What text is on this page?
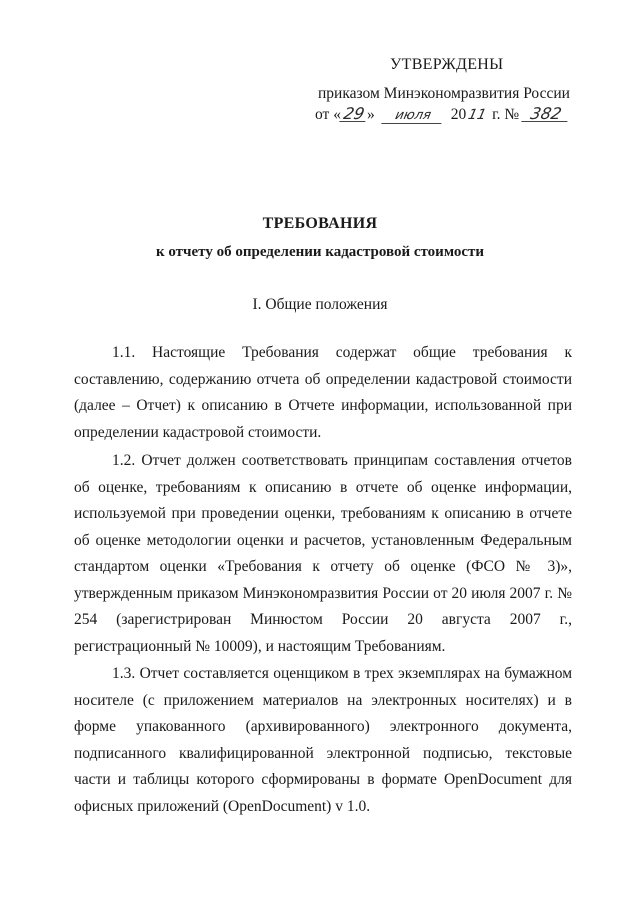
УТВЕРЖДЕНЫ
приказом Минэкономразвития России
от «29» июля 2011 г. № 382
ТРЕБОВАНИЯ
к отчету об определении кадастровой стоимости
I. Общие положения

1.1. Настоящие Требования содержат общие требования к составлению, содержанию отчета об определении кадастровой стоимости (далее – Отчет) к описанию в Отчете информации, использованной при определении кадастровой стоимости.

1.2. Отчет должен соответствовать принципам составления отчетов об оценке, требованиям к описанию в отчете об оценке информации, используемой при проведении оценки, требованиям к описанию в отчете об оценке методологии оценки и расчетов, установленным Федеральным стандартом оценки «Требования к отчету об оценке (ФСО № 3)», утвержденным приказом Минэкономразвития России от 20 июля 2007 г. № 254 (зарегистрирован Минюстом России 20 августа 2007 г., регистрационный № 10009), и настоящим Требованиям.

1.3. Отчет составляется оценщиком в трех экземплярах на бумажном носителе (с приложением материалов на электронных носителях) и в форме упакованного (архивированного) электронного документа, подписанного квалифицированной электронной подписью, текстовые части и таблицы которого сформированы в формате OpenDocument для офисных приложений (OpenDocument) v 1.0.
